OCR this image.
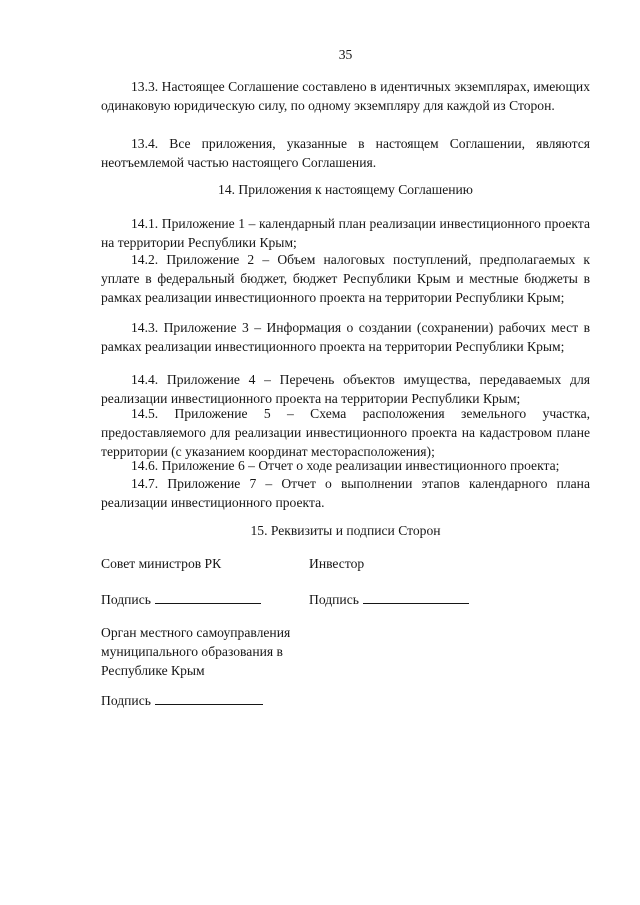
35
13.3. Настоящее Соглашение составлено в идентичных экземплярах, имеющих одинаковую юридическую силу, по одному экземпляру для каждой из Сторон.
13.4. Все приложения, указанные в настоящем Соглашении, являются неотъемлемой частью настоящего Соглашения.
14. Приложения к настоящему Соглашению
14.1. Приложение 1 – календарный план реализации инвестиционного проекта на территории Республики Крым;
14.2. Приложение 2 – Объем налоговых поступлений, предполагаемых к уплате в федеральный бюджет, бюджет Республики Крым и местные бюджеты в рамках реализации инвестиционного проекта на территории Республики Крым;
14.3. Приложение 3 – Информация о создании (сохранении) рабочих мест в рамках реализации инвестиционного проекта на территории Республики Крым;
14.4. Приложение 4 – Перечень объектов имущества, передаваемых для реализации инвестиционного проекта на территории Республики Крым;
14.5. Приложение 5 – Схема расположения земельного участка, предоставляемого для реализации инвестиционного проекта на кадастровом плане территории (с указанием координат месторасположения);
14.6. Приложение 6 – Отчет о ходе реализации инвестиционного проекта;
14.7. Приложение 7 – Отчет о выполнении этапов календарного плана реализации инвестиционного проекта.
15. Реквизиты и подписи Сторон
Совет министров РК	Инвестор
Подпись	Подпись
Орган местного самоуправления муниципального образования в Республике Крым
Подпись
